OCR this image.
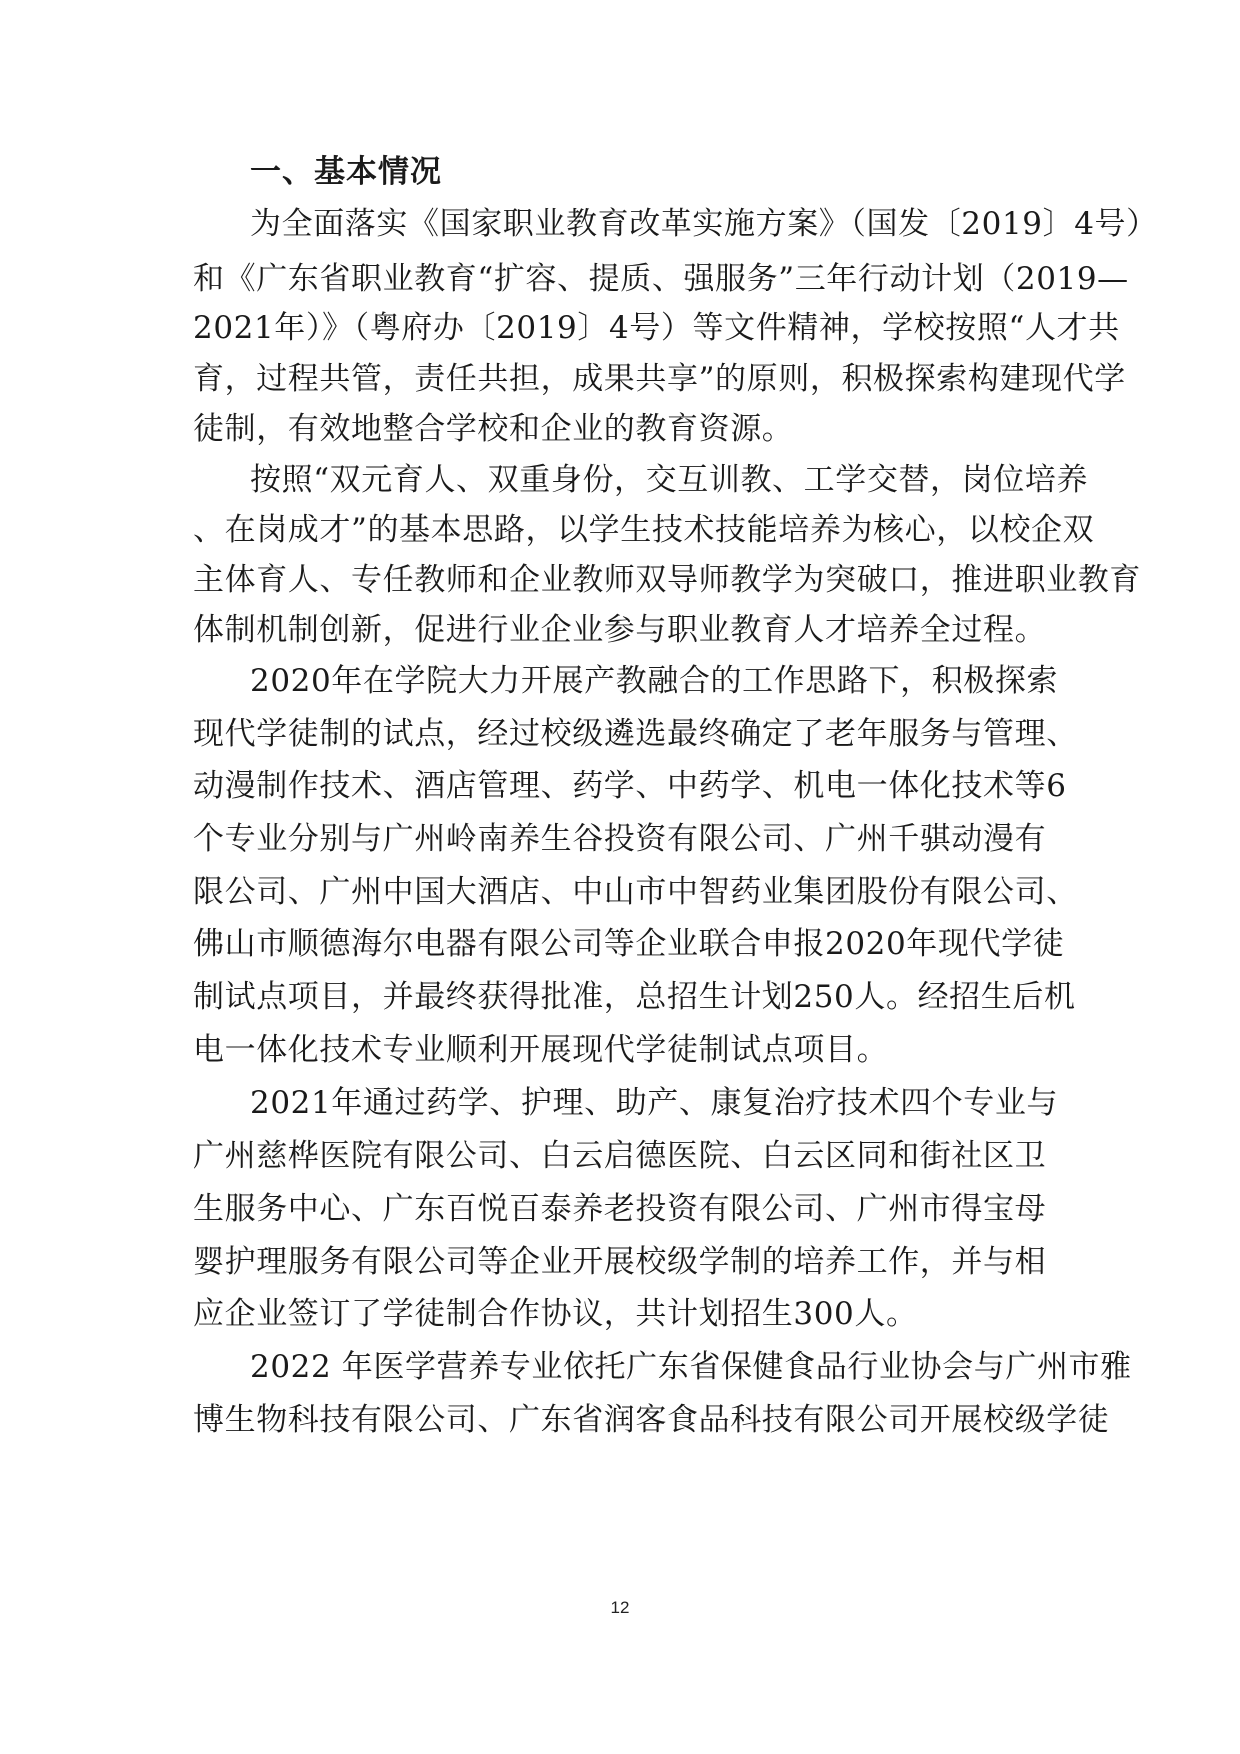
一、基本情况
为全面落实《国家职业教育改革实施方案》（国发〔2019〕4号）
和《广东省职业教育“扩容、提质、强服务”三年行动计划（2019—
2021年）》（粤府办〔2019〕4号）等文件精神，学校按照“人才共
育，过程共管，责任共担，成果共享”的原则，积极探索构建现代学
徒制，有效地整合学校和企业的教育资源。
按照“双元育人、双重身份，交互训教、工学交替，岗位培养
、在岗成才”的基本思路，以学生技术技能培养为核心，以校企双
主体育人、专任教师和企业教师双导师教学为突破口，推进职业教育
体制机制创新，促进行业企业参与职业教育人才培养全过程。
2020年在学院大力开展产教融合的工作思路下，积极探索
现代学徒制的试点，经过校级遴选最终确定了老年服务与管理、
动漫制作技术、酒店管理、药学、中药学、机电一体化技术等6
个专业分别与广州岭南养生谷投资有限公司、广州千骐动漫有
限公司、广州中国大酒店、中山市中智药业集团股份有限公司、
佛山市顺德海尔电器有限公司等企业联合申报2020年现代学徒
制试点项目，并最终获得批准，总招生计划250人。经招生后机
电一体化技术专业顺利开展现代学徒制试点项目。
2021年通过药学、护理、助产、康复治疗技术四个专业与
广州慈桦医院有限公司、白云启德医院、白云区同和街社区卫
生服务中心、广东百悦百泰养老投资有限公司、广州市得宝母
婴护理服务有限公司等企业开展校级学制的培养工作，并与相
应企业签订了学徒制合作协议，共计划招生300人。
2022 年医学营养专业依托广东省保健食品行业协会与广州市雅
博生物科技有限公司、广东省润客食品科技有限公司开展校级学徒
12
